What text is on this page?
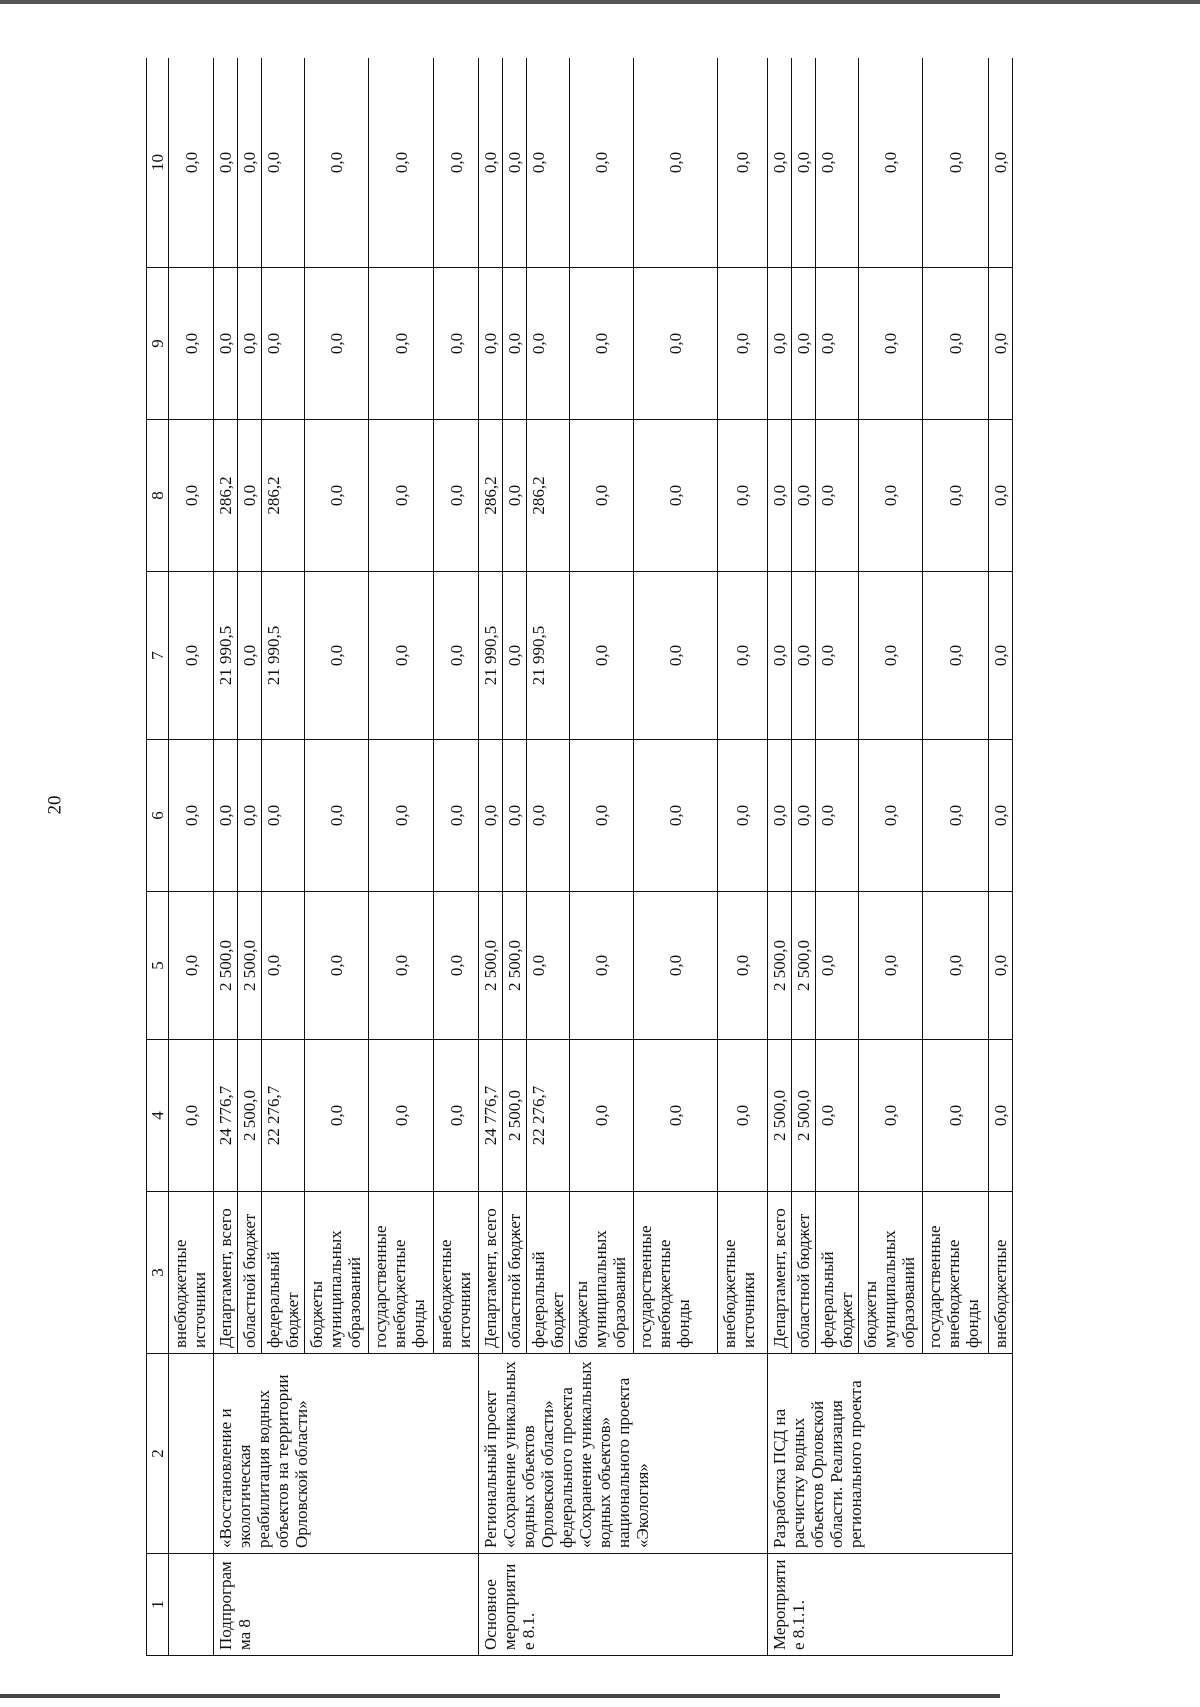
20
1	2	3	4	5	6	7	8	9	10
		внебюджетные источники	0,0	0,0	0,0	0,0	0,0	0,0	0,0
Подпрограмма 8	«Восстановление и экологическая реабилитация водных объектов на территории Орловской области»	Департамент, всего	24 776,7	2 500,0	0,0	21 990,5	286,2	0,0	0,0
		областной бюджет	2 500,0	2 500,0	0,0	0,0	0,0	0,0	0,0
		федеральный бюджет	22 276,7	0,0	0,0	21 990,5	286,2	0,0	0,0
		бюджеты муниципальных образований	0,0	0,0	0,0	0,0	0,0	0,0	0,0
		государственные внебюджетные фонды	0,0	0,0	0,0	0,0	0,0	0,0	0,0
		внебюджетные источники	0,0	0,0	0,0	0,0	0,0	0,0	0,0
Основное мероприятие 8.1.	Региональный проект «Сохранение уникальных водных объектов Орловской области» федерального проекта «Сохранение уникальных водных объектов» национального проекта «Экология»	Департамент, всего	24 776,7	2 500,0	0,0	21 990,5	286,2	0,0	0,0
		областной бюджет	2 500,0	2 500,0	0,0	0,0	0,0	0,0	0,0
		федеральный бюджет	22 276,7	0,0	0,0	21 990,5	286,2	0,0	0,0
		бюджеты муниципальных образований	0,0	0,0	0,0	0,0	0,0	0,0	0,0
		государственные внебюджетные фонды	0,0	0,0	0,0	0,0	0,0	0,0	0,0
		внебюджетные источники	0,0	0,0	0,0	0,0	0,0	0,0	0,0
Мероприятие 8.1.1.	Разработка ПСД на расчистку водных объектов Орловской области. Реализация регионального проекта	Департамент, всего	2 500,0	2 500,0	0,0	0,0	0,0	0,0	0,0
		областной бюджет	2 500,0	2 500,0	0,0	0,0	0,0	0,0	0,0
		федеральный бюджет	0,0	0,0	0,0	0,0	0,0	0,0	0,0
		бюджеты муниципальных образований	0,0	0,0	0,0	0,0	0,0	0,0	0,0
		государственные внебюджетные фонды	0,0	0,0	0,0	0,0	0,0	0,0	0,0
		внебюджетные	0,0	0,0	0,0	0,0	0,0	0,0	0,0
